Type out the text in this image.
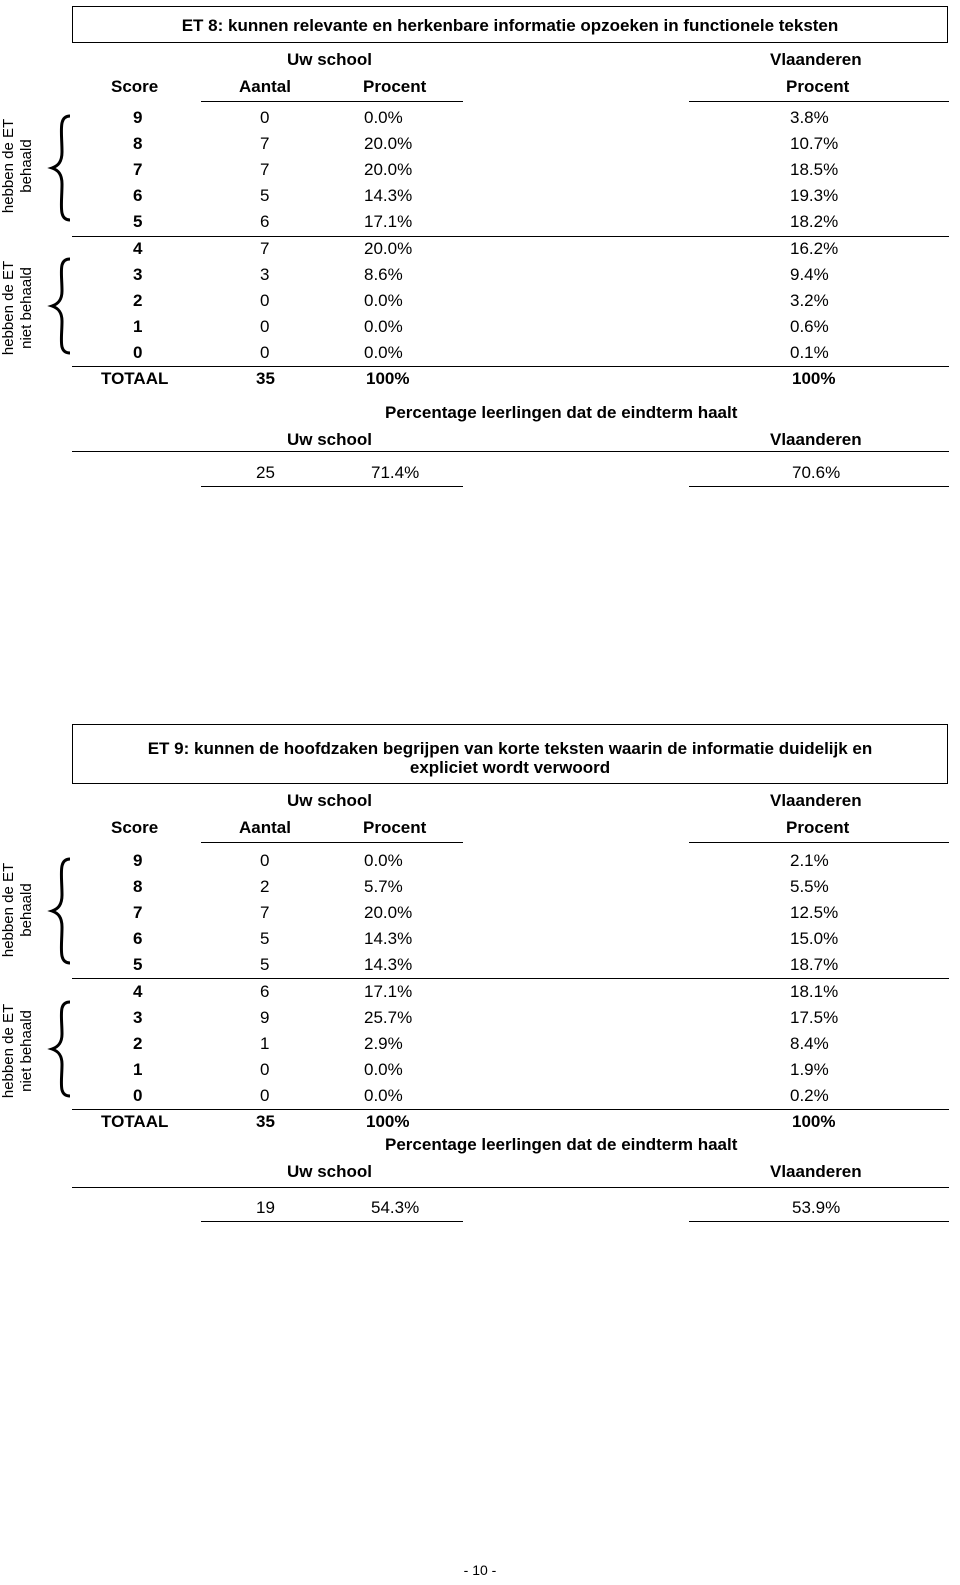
ET 8: kunnen relevante en herkenbare informatie opzoeken in functionele teksten
Uw school	Vlaanderen
Score	Aantal	Procent	Procent
9	0	0.0%	3.8%
8	7	20.0%	10.7%
7	7	20.0%	18.5%
6	5	14.3%	19.3%
5	6	17.1%	18.2%
4	7	20.0%	16.2%
3	3	8.6%	9.4%
2	0	0.0%	3.2%
1	0	0.0%	0.6%
0	0	0.0%	0.1%
TOTAAL	35	100%	100%
Percentage leerlingen dat de eindterm haalt
Uw school	Vlaanderen
25	71.4%	70.6%
hebben de ET behaald
hebben de ET niet behaald
ET 9: kunnen de hoofdzaken begrijpen van korte teksten waarin de informatie duidelijk en
expliciet wordt verwoord
Uw school	Vlaanderen
Score	Aantal	Procent	Procent
9	0	0.0%	2.1%
8	2	5.7%	5.5%
7	7	20.0%	12.5%
6	5	14.3%	15.0%
5	5	14.3%	18.7%
4	6	17.1%	18.1%
3	9	25.7%	17.5%
2	1	2.9%	8.4%
1	0	0.0%	1.9%
0	0	0.0%	0.2%
TOTAAL	35	100%	100%
Percentage leerlingen dat de eindterm haalt
Uw school	Vlaanderen
19	54.3%	53.9%
hebben de ET behaald
hebben de ET niet behaald
- 10 -
